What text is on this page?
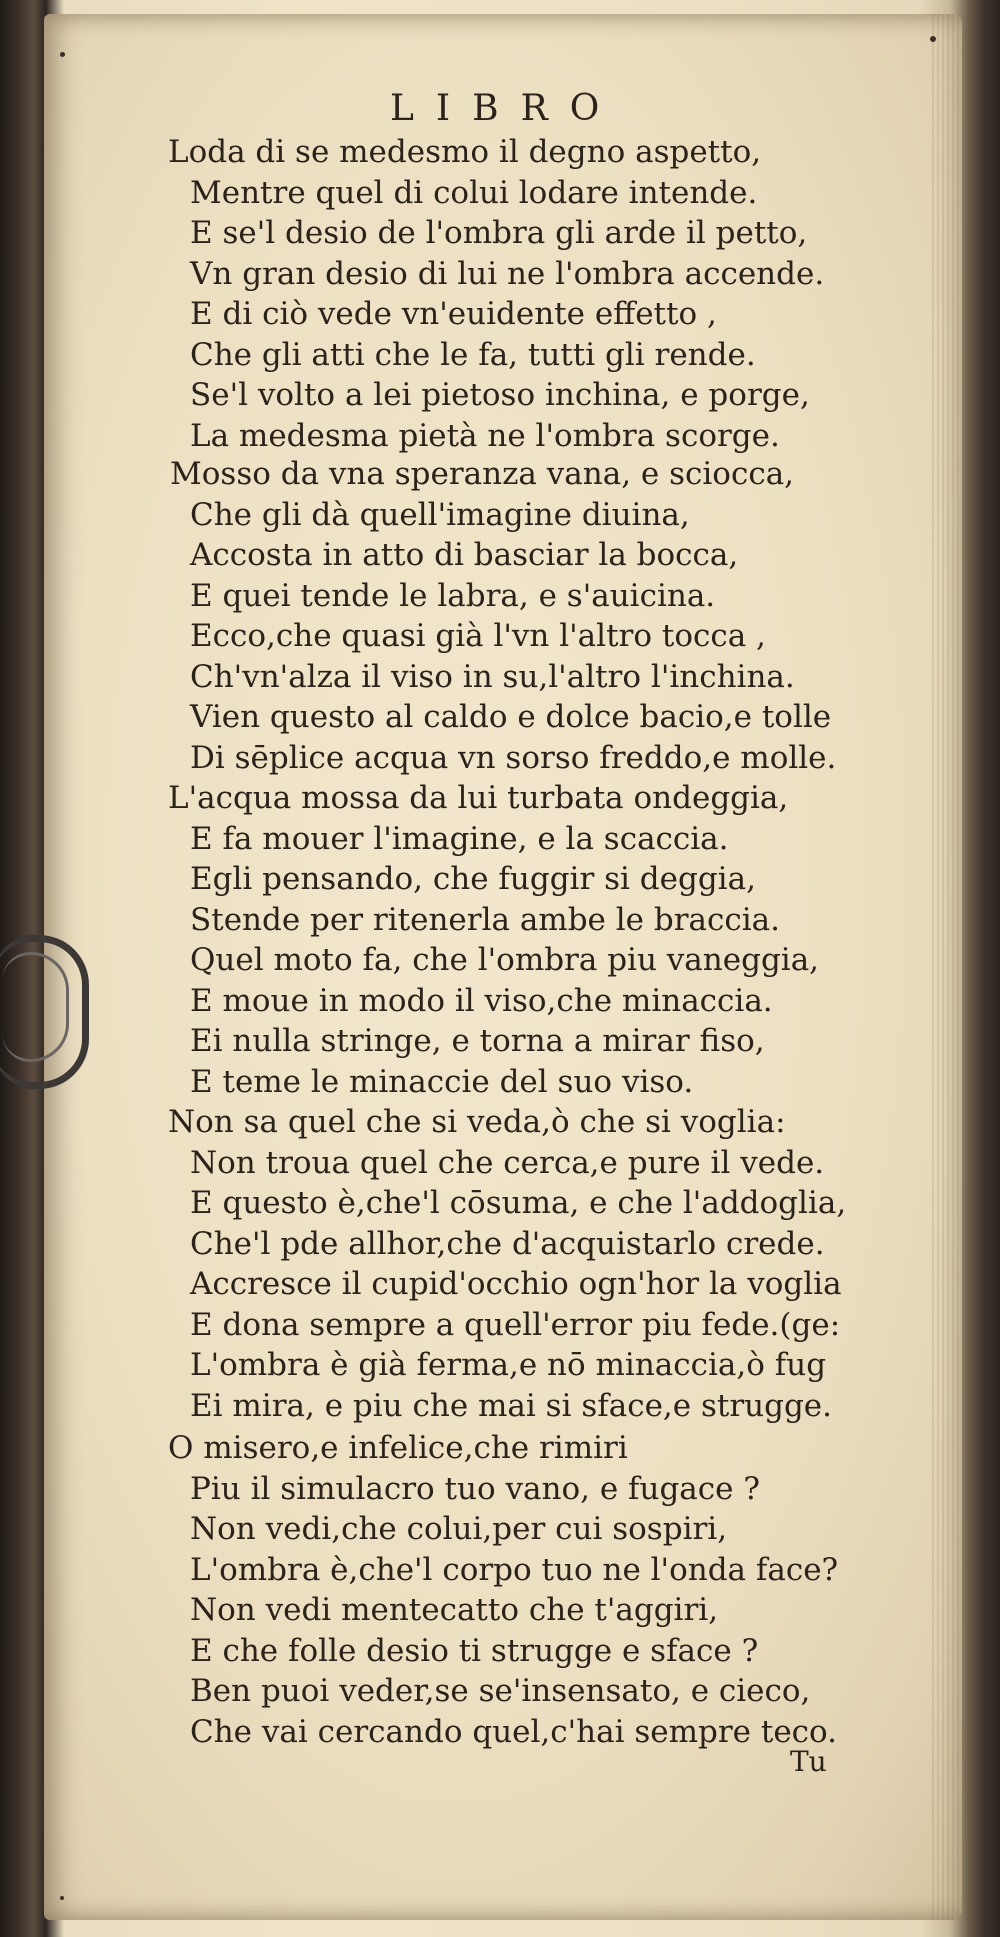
LIBRO
Loda di se medesmo il degno aspetto,
Mentre quel di colui lodare intende.
E se'l desio de l'ombra gli arde il petto,
Vn gran desio di lui ne l'ombra accende.
E di ciò vede vn'euidente effetto ,
Che gli atti che le fa, tutti gli rende.
Se'l volto a lei pietoso inchina, e porge,
La medesma pietà ne l'ombra scorge.
Mosso da vna speranza vana, e sciocca,
Che gli dà quell'imagine diuina,
Accosta in atto di basciar la bocca,
E quei tende le labra, e s'auicina.
Ecco,che quasi già l'vn l'altro tocca ,
Ch'vn'alza il viso in su,l'altro l'inchina.
Vien questo al caldo e dolce bacio,e tolle
Di sēplice acqua vn sorso freddo,e molle.
L'acqua mossa da lui turbata ondeggia,
E fa mouer l'imagine, e la scaccia.
Egli pensando, che fuggir si deggia,
Stende per ritenerla ambe le braccia.
Quel moto fa, che l'ombra piu vaneggia,
E moue in modo il viso,che minaccia.
Ei nulla stringe, e torna a mirar fiso,
E teme le minaccie del suo viso.
Non sa quel che si veda,ò che si voglia:
Non troua quel che cerca,e pure il vede.
E questo è,che'l cōsuma, e che l'addoglia,
Che'l pde allhor,che d'acquistarlo crede.
Accresce il cupid'occhio ogn'hor la voglia
E dona sempre a quell'error piu fede.(ge:
L'ombra è già ferma,e nō minaccia,ò fug
Ei mira, e piu che mai si sface,e strugge.
O misero,e infelice,che rimiri
Piu il simulacro tuo vano, e fugace ?
Non vedi,che colui,per cui sospiri,
L'ombra è,che'l corpo tuo ne l'onda face?
Non vedi mentecatto che t'aggiri,
E che folle desio ti strugge e sface ?
Ben puoi veder,se se'insensato, e cieco,
Che vai cercando quel,c'hai sempre teco.
Tu
